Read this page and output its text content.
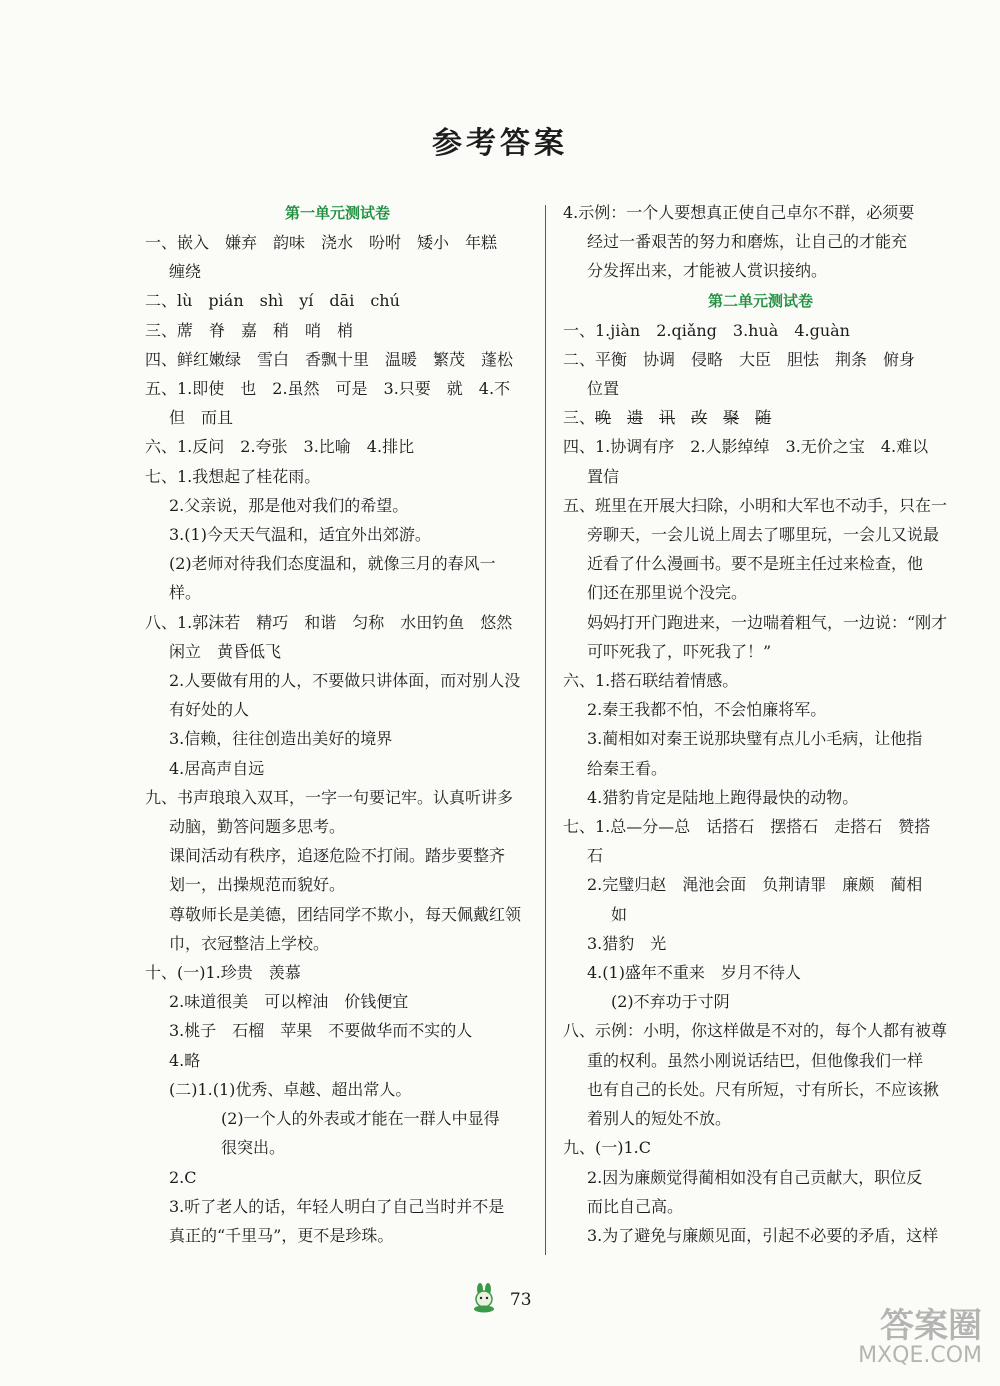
参考答案
第一单元测试卷
一、嵌入　嫌弃　韵味　浇水　吩咐　矮小　年糕
缠绕
二、lù　pián　shì　yí　dāi　chú
三、蓆　脊　嘉　稍　哨　梢
四、鲜红嫩绿　雪白　香飘十里　温暖　繁茂　蓬松
五、1.即使　也　2.虽然　可是　3.只要　就　4.不
但　而且
六、1.反问　2.夸张　3.比喻　4.排比
七、1.我想起了桂花雨。
2.父亲说，那是他对我们的希望。
3.(1)今天天气温和，适宜外出郊游。
(2)老师对待我们态度温和，就像三月的春风一
样。
八、1.郭沫若　精巧　和谐　匀称　水田钓鱼　悠然
闲立　黄昏低飞
2.人要做有用的人，不要做只讲体面，而对别人没
有好处的人
3.信赖，往往创造出美好的境界
4.居高声自远
九、书声琅琅入双耳，一字一句要记牢。认真听讲多
动脑，勤答问题多思考。
课间活动有秩序，追逐危险不打闹。踏步要整齐
划一，出操规范而貌好。
尊敬师长是美德，团结同学不欺小，每天佩戴红领
巾，衣冠整洁上学校。
十、(一)1.珍贵　羡慕
2.味道很美　可以榨油　价钱便宜
3.桃子　石榴　苹果　不要做华而不实的人
4.略
(二)1.(1)优秀、卓越、超出常人。
(2)一个人的外表或才能在一群人中显得
很突出。
2.C
3.听了老人的话，年轻人明白了自己当时并不是
真正的“千里马”，更不是珍珠。
4.示例：一个人要想真正使自己卓尔不群，必须要
经过一番艰苦的努力和磨炼，让自己的才能充
分发挥出来，才能被人赏识接纳。
第二单元测试卷
一、1.jiàn　2.qiǎng　3.huà　4.guàn
二、平衡　协调　侵略　大臣　胆怯　荆条　俯身
位置
三、晚　 遗　 讯　 改　 聚　 随
四、1.协调有序　2.人影绰绰　3.无价之宝　4.难以
置信
五、班里在开展大扫除，小明和大军也不动手，只在一
旁聊天，一会儿说上周去了哪里玩，一会儿又说最
近看了什么漫画书。要不是班主任过来检查，他
们还在那里说个没完。
妈妈打开门跑进来，一边喘着粗气，一边说：“刚才
可吓死我了，吓死我了！”
六、1.搭石联结着情感。
2.秦王我都不怕，不会怕廉将军。
3.蔺相如对秦王说那块璧有点儿小毛病，让他指
给秦王看。
4.猎豹肯定是陆地上跑得最快的动物。
七、1.总—分—总　话搭石　摆搭石　走搭石　赞搭
石
2.完璧归赵　渑池会面　负荆请罪　廉颇　蔺相
如
3.猎豹　光
4.(1)盛年不重来　岁月不待人
(2)不弃功于寸阴
八、示例：小明，你这样做是不对的，每个人都有被尊
重的权利。虽然小刚说话结巴，但他像我们一样
也有自己的长处。尺有所短，寸有所长，不应该揪
着别人的短处不放。
九、(一)1.C
2.因为廉颇觉得蔺相如没有自己贡献大，职位反
而比自己高。
3.为了避免与廉颇见面，引起不必要的矛盾，这样
73
答案圈
MXQE.COM
